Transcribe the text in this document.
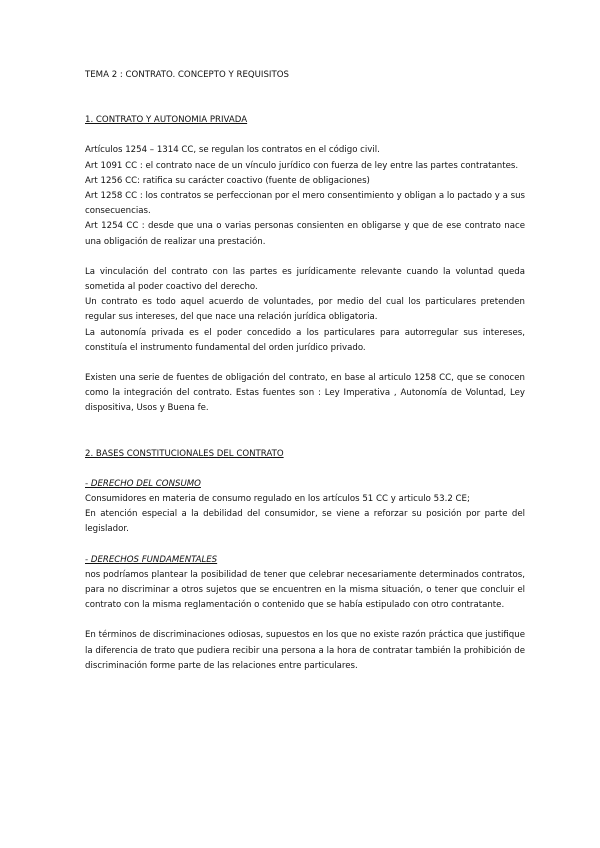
TEMA 2 : CONTRATO. CONCEPTO Y REQUISITOS

1. CONTRATO Y AUTONOMIA PRIVADA

Artículos 1254 – 1314 CC, se regulan los contratos en el código civil.

Art 1091 CC : el contrato nace de un vínculo jurídico con fuerza de ley entre las partes contratantes.

Art 1256 CC: ratifica su carácter coactivo (fuente de obligaciones)

Art 1258 CC : los contratos se perfeccionan por el mero consentimiento y obligan a lo pactado y a sus consecuencias.

Art 1254 CC : desde que una o varias personas consienten en obligarse y que de ese contrato nace una obligación de realizar una prestación.

La vinculación del contrato con las partes es jurídicamente relevante cuando la voluntad queda sometida al poder coactivo del derecho.

Un contrato es todo aquel acuerdo de voluntades, por medio del cual los particulares pretenden regular sus intereses, del que nace una relación jurídica obligatoria.

La autonomía privada es el poder concedido a los particulares para autorregular sus intereses, constituía el instrumento fundamental del orden jurídico privado.

Existen una serie de fuentes de obligación del contrato, en base al articulo 1258 CC, que se conocen como la integración del contrato. Estas fuentes son : Ley Imperativa , Autonomía de Voluntad, Ley dispositiva, Usos y Buena fe.

2. BASES CONSTITUCIONALES DEL CONTRATO

- DERECHO DEL CONSUMO

Consumidores en materia de consumo regulado en los artículos 51 CC y articulo 53.2 CE;

En atención especial a la debilidad del consumidor, se viene a reforzar su posición por parte del legislador.

- DERECHOS FUNDAMENTALES

nos podríamos plantear la posibilidad de tener que celebrar necesariamente determinados contratos, para no discriminar a otros sujetos que se encuentren en la misma situación, o tener que concluir el contrato con la misma reglamentación o contenido que se había estipulado con otro contratante.

En términos de discriminaciones odiosas, supuestos en los que no existe razón práctica que justifique la diferencia de trato que pudiera recibir una persona a la hora de contratar también la prohibición de discriminación forme parte de las relaciones entre particulares.
